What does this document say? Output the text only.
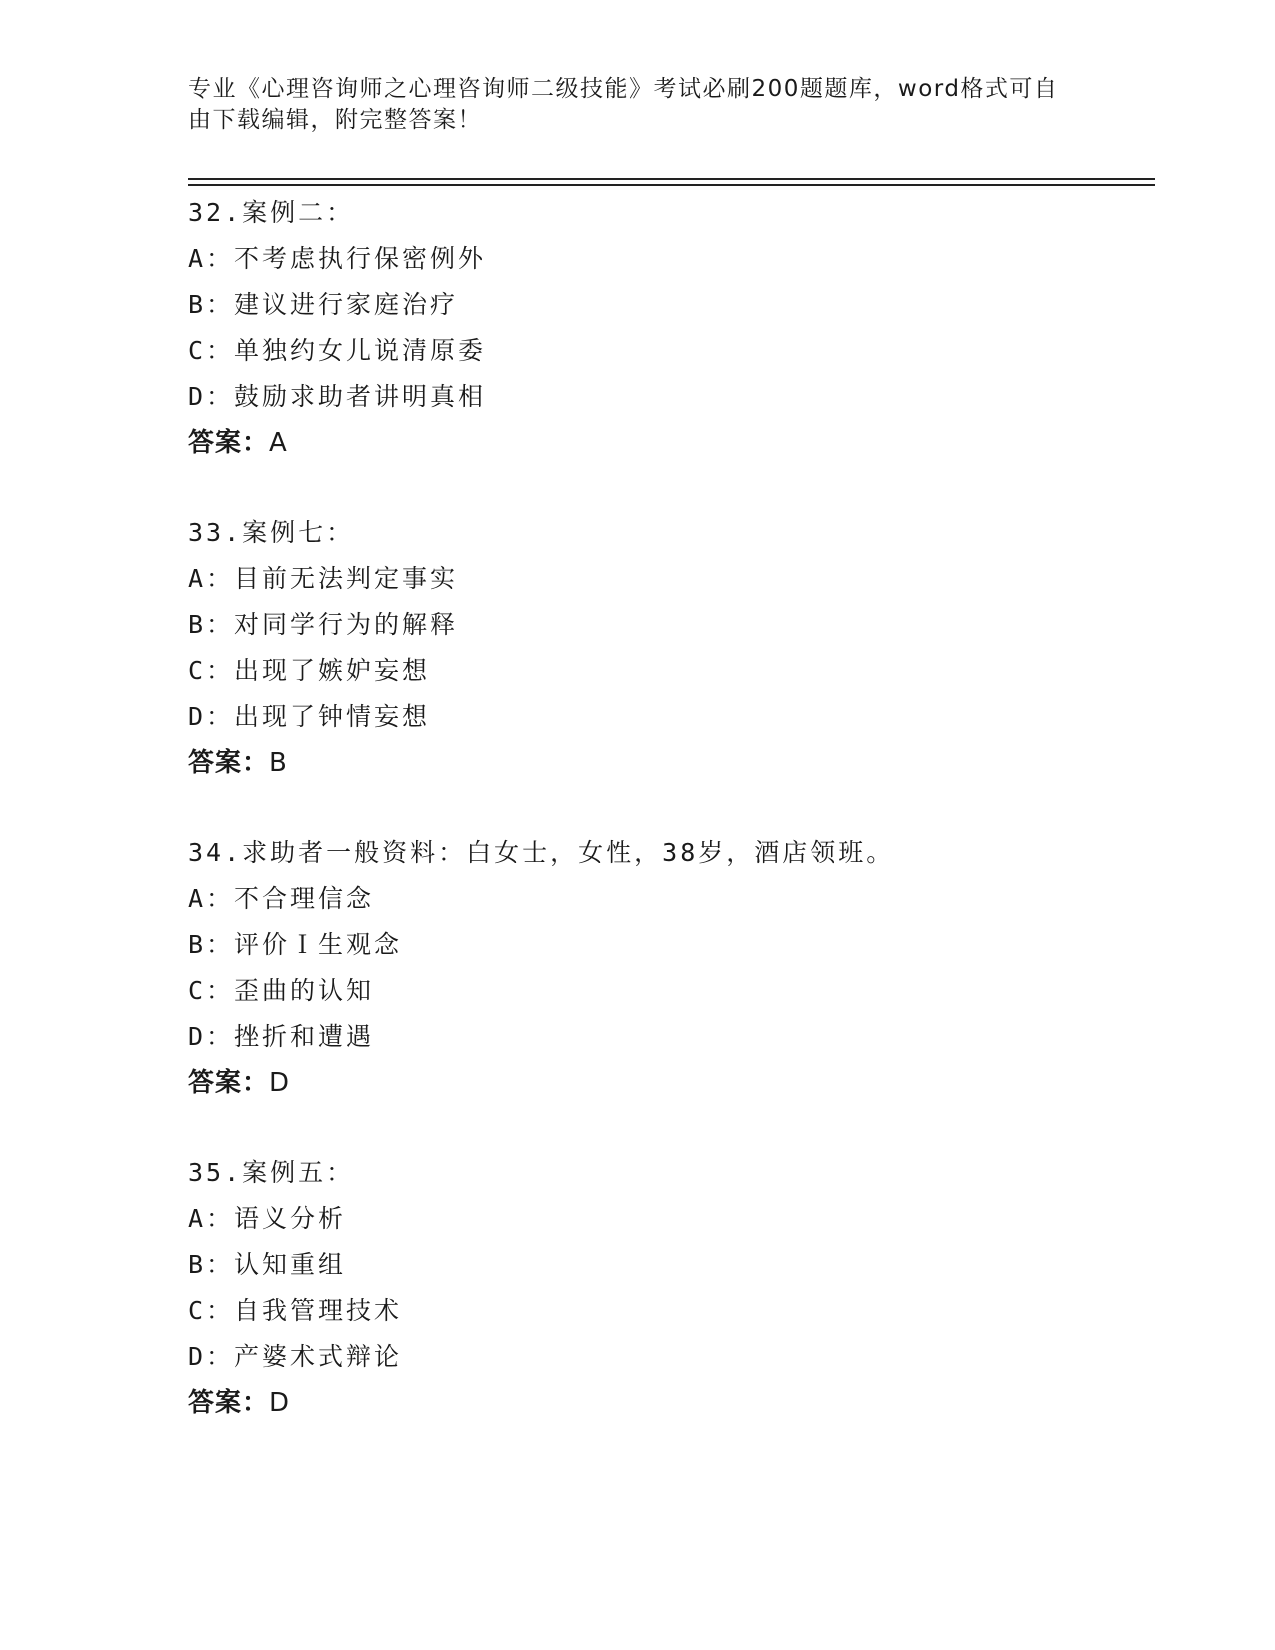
专业《心理咨询师之心理咨询师二级技能》考试必刷200题题库，word格式可自
由下载编辑，附完整答案！
32.案例二：
A：不考虑执行保密例外
B：建议进行家庭治疗
C：单独约女儿说清原委
D：鼓励求助者讲明真相
答案：A
33.案例七：
A：目前无法判定事实
B：对同学行为的解释
C：出现了嫉妒妄想
D：出现了钟情妄想
答案：B
34.求助者一般资料：白女士，女性，38岁，酒店领班。
A：不合理信念
B：评价Ｉ生观念
C：歪曲的认知
D：挫折和遭遇
答案：D
35.案例五：
A：语义分析
B：认知重组
C：自我管理技术
D：产婆术式辩论
答案：D
